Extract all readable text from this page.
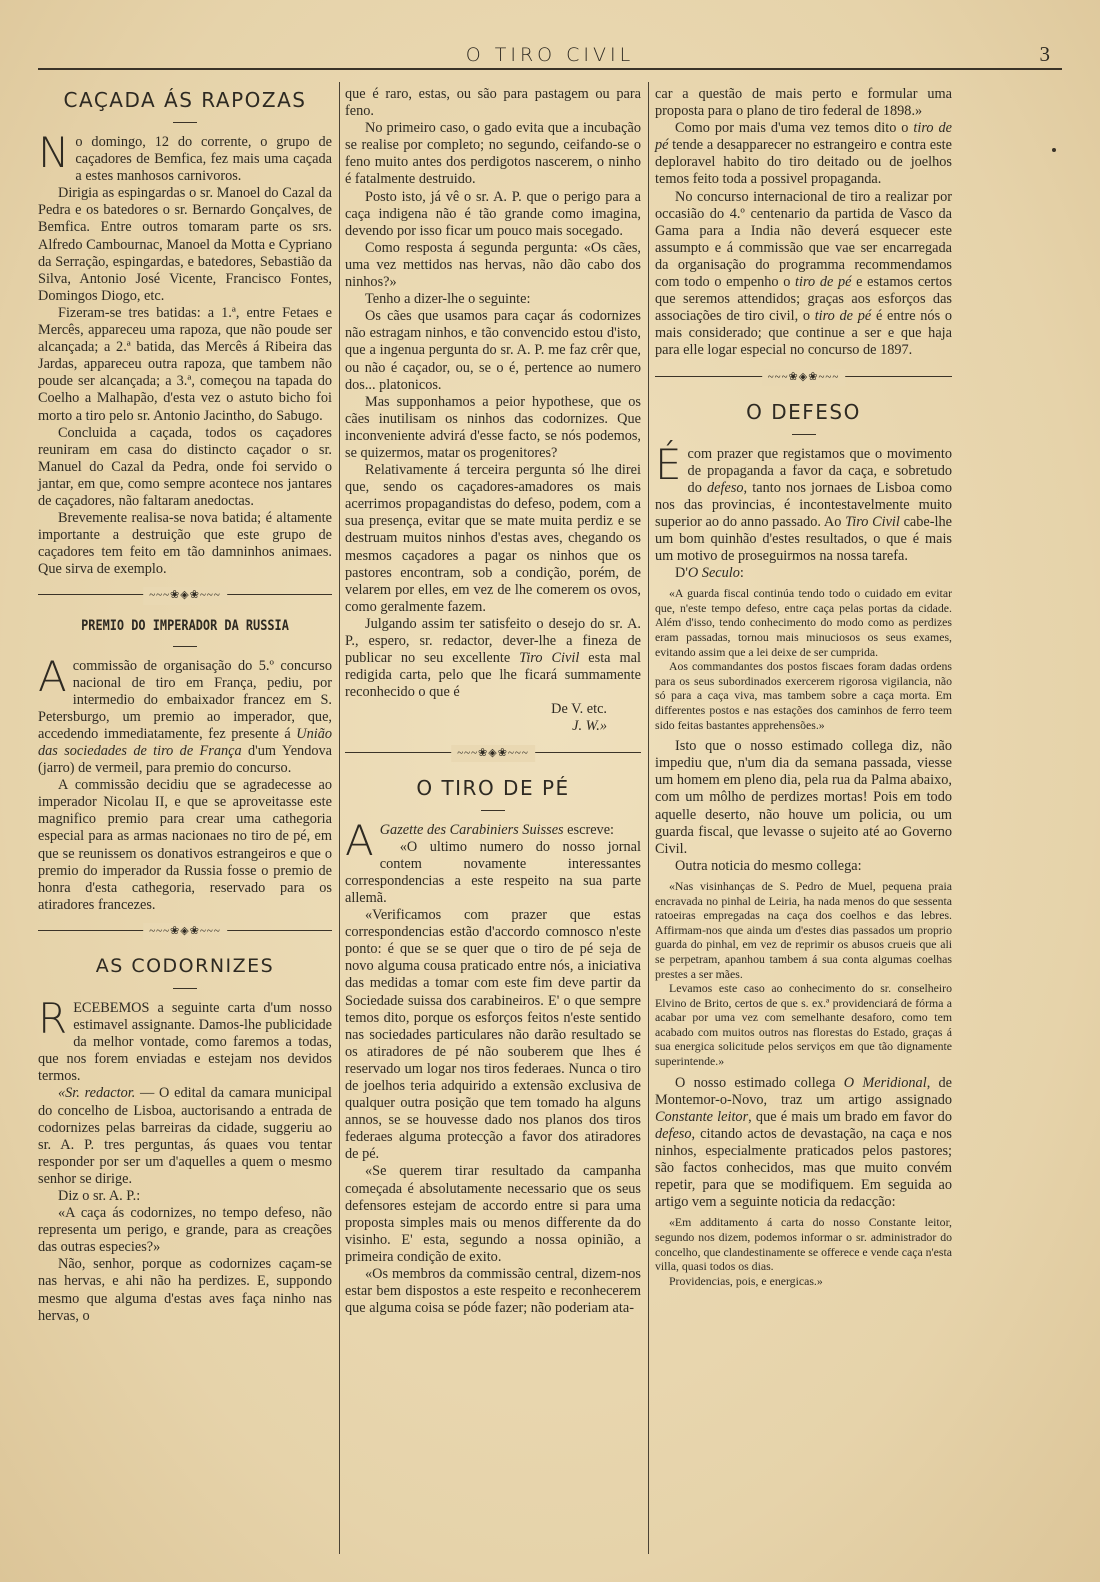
O TIRO CIVIL	3
CAÇADA ÁS RAPOZAS

No domingo, 12 do corrente, o grupo de caçadores de Bemfica, fez mais uma caçada a estes manhosos carnivoros.

Dirigia as espingardas o sr. Manoel do Cazal da Pedra e os batedores o sr. Bernardo Gonçalves, de Bemfica. Entre outros tomaram parte os srs. Alfredo Cambournac, Manoel da Motta e Cypriano da Serração, espingardas, e batedores, Sebastião da Silva, Antonio José Vicente, Francisco Fontes, Domingos Diogo, etc.

Fizeram-se tres batidas: a 1.ª, entre Fetaes e Mercês, appareceu uma rapoza, que não poude ser alcançada; a 2.ª batida, das Mercês á Ribeira das Jardas, appareceu outra rapoza, que tambem não poude ser alcançada; a 3.ª, começou na tapada do Coelho a Malhapão, d'esta vez o astuto bicho foi morto a tiro pelo sr. Antonio Jacintho, do Sabugo.

Concluida a caçada, todos os caçadores reuniram em casa do distincto caçador o sr. Manuel do Cazal da Pedra, onde foi servido o jantar, em que, como sempre acontece nos jantares de caçadores, não faltaram anedoctas.

Brevemente realisa-se nova batida; é altamente importante a destruição que este grupo de caçadores tem feito em tão damninhos animaes. Que sirva de exemplo.

~~~❀◈❀~~~
PREMIO DO IMPERADOR DA RUSSIA

Acommissão de organisação do 5.º concurso nacional de tiro em França, pediu, por intermedio do embaixador francez em S. Petersburgo, um premio ao imperador, que, accedendo immediatamente, fez presente á União das sociedades de tiro de França d'um Yendova (jarro) de vermeil, para premio do concurso.

A commissão decidiu que se agradecesse ao imperador Nicolau II, e que se aproveitasse este magnifico premio para crear uma cathegoria especial para as armas nacionaes no tiro de pé, em que se reunissem os donativos estrangeiros e que o premio do imperador da Russia fosse o premio de honra d'esta cathegoria, reservado para os atiradores francezes.

~~~❀◈❀~~~
AS CODORNIZES

RECEBEMOS a seguinte carta d'um nosso estimavel assignante. Damos-lhe publicidade da melhor vontade, como faremos a todas, que nos forem enviadas e estejam nos devidos termos.

«Sr. redactor. — O edital da camara municipal do concelho de Lisboa, auctorisando a entrada de codornizes pelas barreiras da cidade, suggeriu ao sr. A. P. tres perguntas, ás quaes vou tentar responder por ser um d'aquelles a quem o mesmo senhor se dirige.

Diz o sr. A. P.:

«A caça ás codornizes, no tempo defeso, não representa um perigo, e grande, para as creações das outras especies?»

Não, senhor, porque as codornizes caçam-se nas hervas, e ahi não ha perdizes. E, suppondo mesmo que alguma d'estas aves faça ninho nas hervas, o

que é raro, estas, ou são para pastagem ou para feno.

No primeiro caso, o gado evita que a incubação se realise por completo; no segundo, ceifando-se o feno muito antes dos perdigotos nascerem, o ninho é fatalmente destruido.

Posto isto, já vê o sr. A. P. que o perigo para a caça indigena não é tão grande como imagina, devendo por isso ficar um pouco mais socegado.

Como resposta á segunda pergunta: «Os cães, uma vez mettidos nas hervas, não dão cabo dos ninhos?»

Tenho a dizer-lhe o seguinte:

Os cães que usamos para caçar ás codornizes não estragam ninhos, e tão convencido estou d'isto, que a ingenua pergunta do sr. A. P. me faz crêr que, ou não é caçador, ou, se o é, pertence ao numero dos... platonicos.

Mas supponhamos a peior hypothese, que os cães inutilisam os ninhos das codornizes. Que inconveniente advirá d'esse facto, se nós podemos, se quizermos, matar os progenitores?

Relativamente á terceira pergunta só lhe direi que, sendo os caçadores-amadores os mais acerrimos propagandistas do defeso, podem, com a sua presença, evitar que se mate muita perdiz e se destruam muitos ninhos d'estas aves, chegando os mesmos caçadores a pagar os ninhos que os pastores encontram, sob a condição, porém, de velarem por elles, em vez de lhe comerem os ovos, como geralmente fazem.

Julgando assim ter satisfeito o desejo do sr. A. P., espero, sr. redactor, dever-lhe a fineza de publicar no seu excellente Tiro Civil esta mal redigida carta, pelo que lhe ficará summamente reconhecido o que é

De V. etc.
J. W.»
~~~❀◈❀~~~
O TIRO DE PÉ

A Gazette des Carabiniers Suisses escreve:

«O ultimo numero do nosso jornal contem novamente interessantes correspondencias a este respeito na sua parte allemã.

«Verificamos com prazer que estas correspondencias estão d'accordo comnosco n'este ponto: é que se se quer que o tiro de pé seja de novo alguma cousa praticado entre nós, a iniciativa das medidas a tomar com este fim deve partir da Sociedade suissa dos carabineiros. E' o que sempre temos dito, porque os esforços feitos n'este sentido nas sociedades particulares não darão resultado se os atiradores de pé não souberem que lhes é reservado um logar nos tiros federaes. Nunca o tiro de joelhos teria adquirido a extensão exclusiva de qualquer outra posição que tem tomado ha alguns annos, se se houvesse dado nos planos dos tiros federaes alguma protecção a favor dos atiradores de pé.

«Se querem tirar resultado da campanha começada é absolutamente necessario que os seus defensores estejam de accordo entre si para uma proposta simples mais ou menos differente da do visinho. E' esta, segundo a nossa opinião, a primeira condição de exito.

«Os membros da commissão central, dizem-nos estar bem dispostos a este respeito e reconhecerem que alguma coisa se póde fazer; não poderiam ata-

car a questão de mais perto e formular uma proposta para o plano de tiro federal de 1898.»

Como por mais d'uma vez temos dito o tiro de pé tende a desapparecer no estrangeiro e contra este deploravel habito do tiro deitado ou de joelhos temos feito toda a possivel propaganda.

No concurso internacional de tiro a realizar por occasião do 4.º centenario da partida de Vasco da Gama para a India não deverá esquecer este assumpto e á commissão que vae ser encarregada da organisação do programma recommendamos com todo o empenho o tiro de pé e estamos certos que seremos attendidos; graças aos esforços das associações de tiro civil, o tiro de pé é entre nós o mais considerado; que continue a ser e que haja para elle logar especial no concurso de 1897.

~~~❀◈❀~~~
O DEFESO

Écom prazer que registamos que o movimento de propaganda a favor da caça, e sobretudo do defeso, tanto nos jornaes de Lisboa como nos das provincias, é incontestavelmente muito superior ao do anno passado. Ao Tiro Civil cabe-lhe um bom quinhão d'estes resultados, o que é mais um motivo de proseguirmos na nossa tarefa.

D'O Seculo:

«A guarda fiscal continúa tendo todo o cuidado em evitar que, n'este tempo defeso, entre caça pelas portas da cidade. Além d'isso, tendo conhecimento do modo como as perdizes eram passadas, tornou mais minuciosos os seus exames, evitando assim que a lei deixe de ser cumprida.

Aos commandantes dos postos fiscaes foram dadas ordens para os seus subordinados exercerem rigorosa vigilancia, não só para a caça viva, mas tambem sobre a caça morta. Em differentes postos e nas estações dos caminhos de ferro teem sido feitas bastantes apprehensões.»

Isto que o nosso estimado collega diz, não impediu que, n'um dia da semana passada, viesse um homem em pleno dia, pela rua da Palma abaixo, com um môlho de perdizes mortas! Pois em todo aquelle deserto, não houve um policia, ou um guarda fiscal, que levasse o sujeito até ao Governo Civil.

Outra noticia do mesmo collega:

«Nas visinhanças de S. Pedro de Muel, pequena praia encravada no pinhal de Leiria, ha nada menos do que sessenta ratoeiras empregadas na caça dos coelhos e das lebres. Affirmam-nos que ainda um d'estes dias passados um proprio guarda do pinhal, em vez de reprimir os abusos crueis que ali se perpetram, apanhou tambem á sua conta algumas coelhas prestes a ser mães.

Levamos este caso ao conhecimento do sr. conselheiro Elvino de Brito, certos de que s. ex.ª providenciará de fórma a acabar por uma vez com semelhante desaforo, como tem acabado com muitos outros nas florestas do Estado, graças á sua energica solicitude pelos serviços em que tão dignamente superintende.»

O nosso estimado collega O Meridional, de Montemor-o-Novo, traz um artigo assignado Constante leitor, que é mais um brado em favor do defeso, citando actos de devastação, na caça e nos ninhos, especialmente praticados pelos pastores; são factos conhecidos, mas que muito convém repetir, para que se modifiquem. Em seguida ao artigo vem a seguinte noticia da redacção:

«Em additamento á carta do nosso Constante leitor, segundo nos dizem, podemos informar o sr. administrador do concelho, que clandestinamente se offerece e vende caça n'esta villa, quasi todos os dias.

Providencias, pois, e energicas.»
